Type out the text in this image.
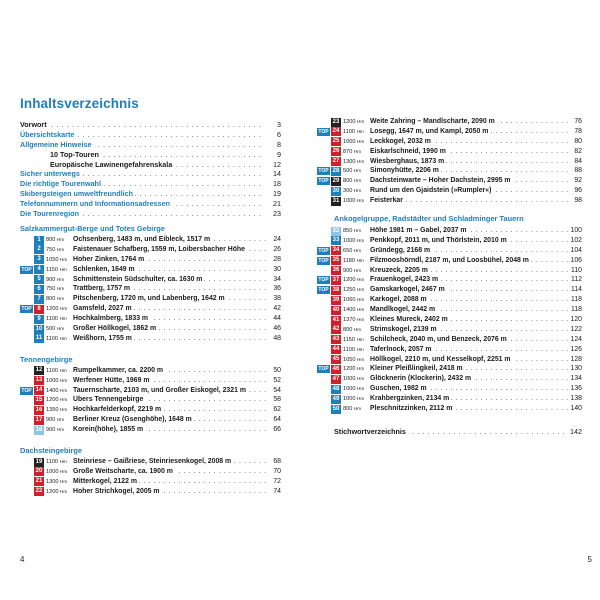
Inhaltsverzeichnis
. . .
Vorwort	3
. . .
Übersichtskarte	6
. . .
Allgemeine Hinweise	8
. . .
10 Top-Touren	9
. . .
Europäische Lawinengefahrenskala	12
. . .
Sicher unterwegs	14
. . .
Die richtige Tourenwahl	18
. . .
Skibergsteigen umweltfreundlich	19
. . .
Telefonnummern und Informationsadressen	21
. . .
Die Tourenregion	23
Salzkammergut-Berge und Totes Gebirge
1 800 Hm . . . Ochsenberg, 1483 m, und Eibleck, 1517 m	24
2 750 Hm . . . Faistenauer Schafberg, 1559 m, Loibersbacher Höhe	26
3 1050 Hm . . . Hoher Zinken, 1764 m	28
TOP 4 1150 Hm . . . Schlenken, 1649 m	30
5 900 Hm . . . Schmittenstein Südschulter, ca. 1630 m	34
6 750 Hm . . . Trattberg, 1757 m	36
7 800 Hm . . . Pitschenberg, 1720 m, und Labenberg, 1642 m	38
TOP 8 1200 Hm . . . Gamsfeld, 2027 m	42
9 1100 Hm . . . Hochkalmberg, 1833 m	44
10 500 Hm . . . Großer Höllkogel, 1862 m	46
11 1100 Hm . . . Weißhorn, 1755 m	48
Tennengebirge
12 1100 Hm . . . Rumpelkammer, ca. 2200 m	50
13 1000 Hm . . . Werfener Hütte, 1969 m	52
TOP 14 1400 Hm . . . Tauernscharte, 2103 m, und Großer Eiskogel, 2321 m	54
15 1200 Hm . . . Übers Tennengebirge	58
16 1350 Hm . . . Hochkarfelderkopf, 2219 m	62
17 900 Hm . . . Berliner Kreuz (Gsenghöhe), 1648 m	64
18 900 Hm . . . Korein(höhe), 1855 m	66
Dachsteingebirge
19 1100 Hm . . . Steinriese – Gaißriese, Steinriesenkogel, 2008 m	68
20 1000 Hm . . . Große Weitscharte, ca. 1900 m	70
21 1300 Hm . . . Mitterkogel, 2122 m	72
22 1200 Hm . . . Hoher Strichkogel, 2005 m	74
4
23 1200 Hm . . . Weite Zahring – Mandlscharte, 2090 m	76
TOP 24 1100 Hm . . . Losegg, 1647 m, und Kampl, 2050 m	78
25 1000 Hm . . . Leckkogel, 2032 m	80
26 870 Hm . . . Eiskarlschneid, 1990 m	82
27 1300 Hm . . . Wiesberghaus, 1873 m	84
TOP 28 500 Hm . . . Simonyhütte, 2206 m	88
TOP 29 800 Hm . . . Dachsteinwarte – Hoher Dachstein, 2995 m	92
30 300 Hm . . . Rund um den Gjaidstein (»Rumpler«)	96
31 1000 Hm . . . Feisterkar	98
Ankogelgruppe, Radstädter und Schladminger Tauern
32 850 Hm . . . Höhe 1981 m – Gabel, 2037 m	100
33 1000 Hm . . . Penkkopf, 2011 m, und Thörlstein, 2010 m	102
TOP 34 650 Hm . . . Gründegg, 2168 m	104
TOP 35 1180 Hm . . . Filzmooshörndl, 2187 m, und Loosbühel, 2048 m	106
36 900 Hm . . . Kreuzeck, 2205 m	110
TOP 37 1200 Hm . . . Frauenkogel, 2423 m	112
TOP 38 1250 Hm . . . Gamskarkogel, 2467 m	114
39 1060 Hm . . . Karkogel, 2088 m	118
40 1400 Hm . . . Mandlkogel, 2442 m	118
41 1370 Hm . . . Kleines Mureck, 2402 m	120
42 800 Hm . . . Strimskogel, 2139 m	122
43 1150 Hm . . . Schilcheck, 2040 m, und Benzeck, 2076 m	124
44 1100 Hm . . . Taferlnock, 2057 m	126
45 1050 Hm . . . Höllkogel, 2210 m, und Kesselkopf, 2251 m	128
TOP 46 1200 Hm . . . Kleiner Pleißlingkeil, 2418 m	130
47 1000 Hm . . . Glöcknerin (Klockerin), 2432 m	134
48 1000 Hm . . . Guschen, 1982 m	136
49 1000 Hm . . . Krahbergzinken, 2134 m	138
50 800 Hm . . . Pleschnitzzinken, 2112 m	140
. . .
Stichwortverzeichnis	142
5
